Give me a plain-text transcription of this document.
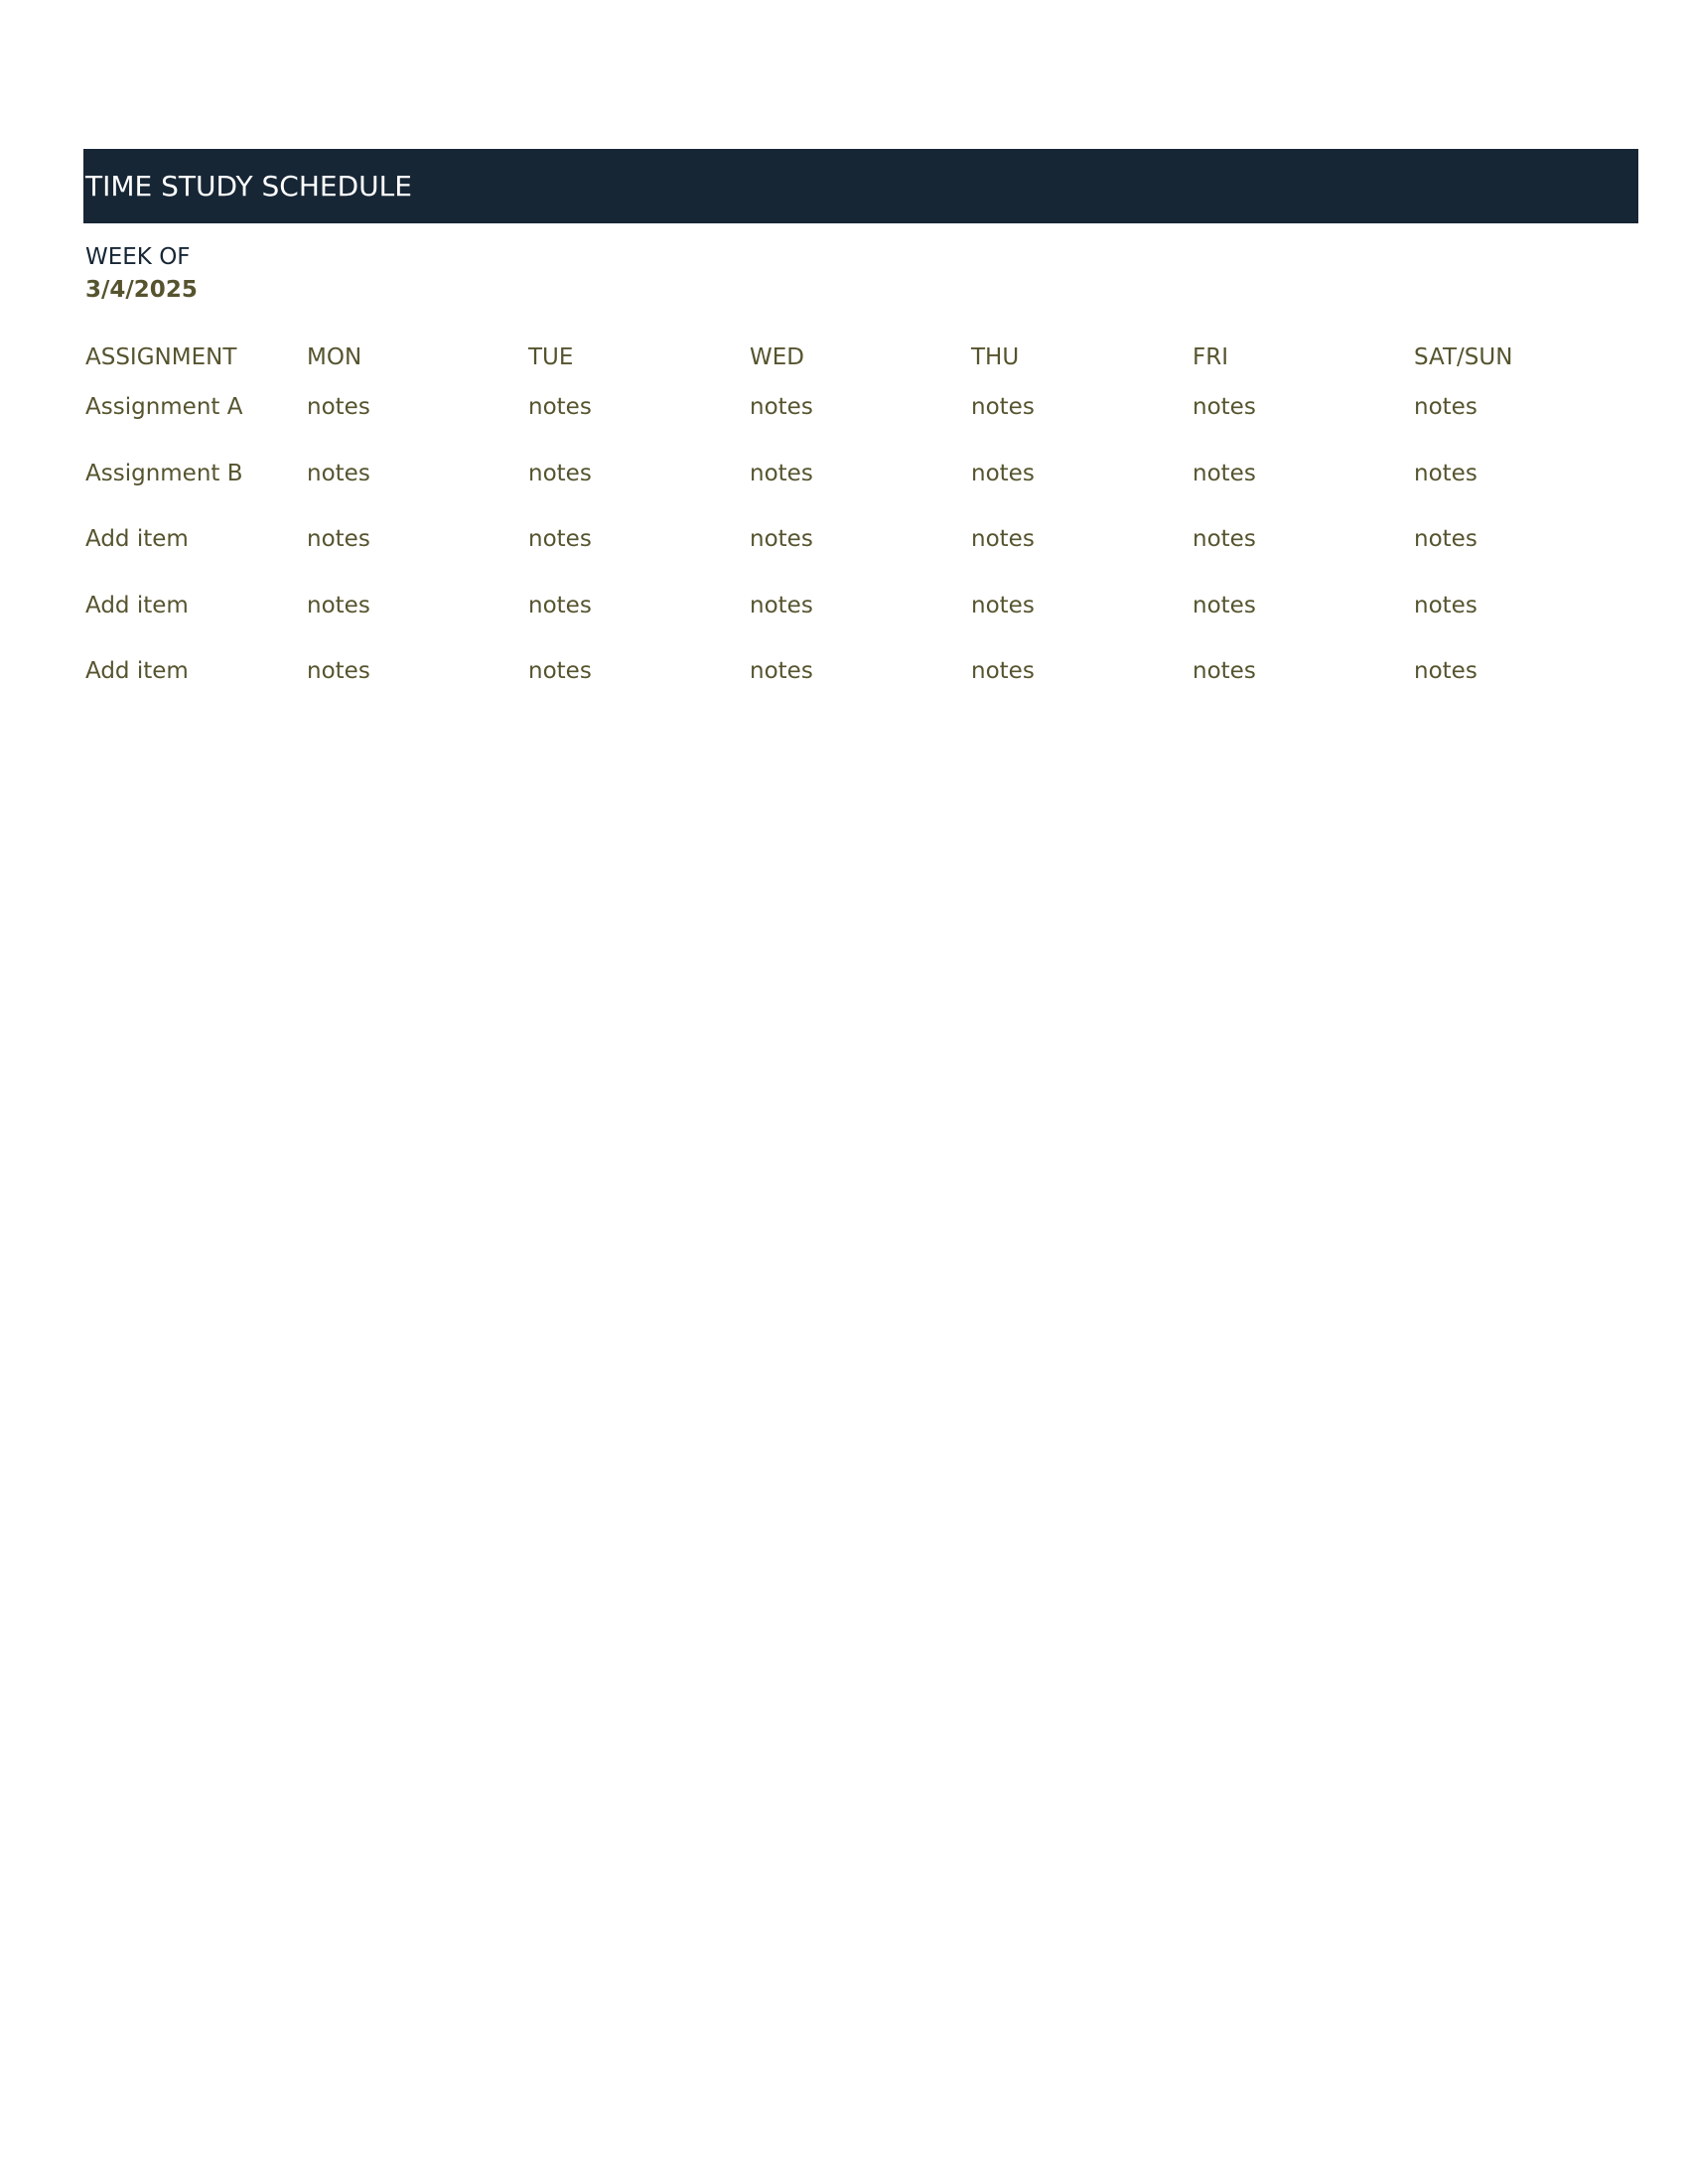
TIME STUDY SCHEDULE
WEEK OF
3/4/2025
ASSIGNMENT	MON	TUE	WED	THU	FRI	SAT/SUN
Assignment A	notes	notes	notes	notes	notes	notes
Assignment B	notes	notes	notes	notes	notes	notes
Add item	notes	notes	notes	notes	notes	notes
Add item	notes	notes	notes	notes	notes	notes
Add item	notes	notes	notes	notes	notes	notes
